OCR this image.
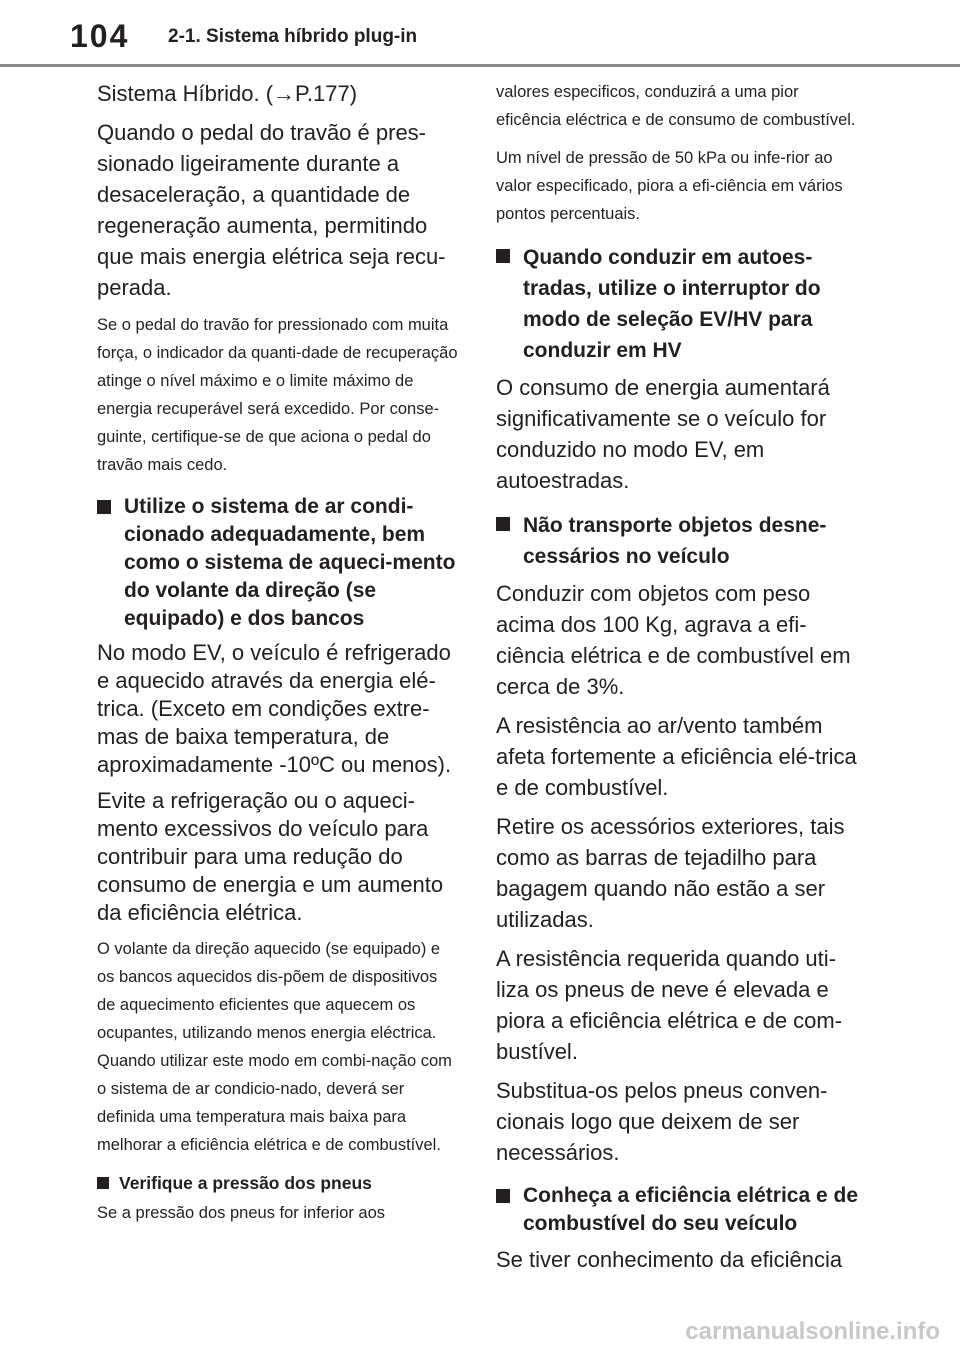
104 2-1. Sistema híbrido plug-in

Sistema Híbrido. (→P.177)

Quando o pedal do travão é pres-sionado ligeiramente durante a desaceleração, a quantidade de regeneração aumenta, permitindo que mais energia elétrica seja recu-perada.

Se o pedal do travão for pressionado com muita força, o indicador da quanti-dade de recuperação atinge o nível máximo e o limite máximo de energia recuperável será excedido. Por conse-guinte, certifique-se de que aciona o pedal do travão mais cedo.

Utilize o sistema de ar condi-cionado adequadamente, bem como o sistema de aqueci-mento do volante da direção (se equipado) e dos bancos

No modo EV, o veículo é refrigerado e aquecido através da energia elé-trica. (Exceto em condições extre-mas de baixa temperatura, de aproximadamente -10ºC ou menos).

Evite a refrigeração ou o aqueci-mento excessivos do veículo para contribuir para uma redução do consumo de energia e um aumento da eficiência elétrica.

O volante da direção aquecido (se equipado) e os bancos aquecidos dis-põem de dispositivos de aquecimento eficientes que aquecem os ocupantes, utilizando menos energia eléctrica. Quando utilizar este modo em combi-nação com o sistema de ar condicio-nado, deverá ser definida uma temperatura mais baixa para melhorar a eficiência elétrica e de combustível.

Verifique a pressão dos pneus

Se a pressão dos pneus for inferior aos

valores especificos, conduzirá a uma pior eficência eléctrica e de consumo de combustível.

Um nível de pressão de 50 kPa ou infe-rior ao valor especificado, piora a efi-ciência em vários pontos percentuais.

Quando conduzir em autoes-tradas, utilize o interruptor do modo de seleção EV/HV para conduzir em HV

O consumo de energia aumentará significativamente se o veículo for conduzido no modo EV, em autoestradas.

Não transporte objetos desne-cessários no veículo

Conduzir com objetos com peso acima dos 100 Kg, agrava a efi-ciência elétrica e de combustível em cerca de 3%.

A resistência ao ar/vento também afeta fortemente a eficiência elé-trica e de combustível.

Retire os acessórios exteriores, tais como as barras de tejadilho para bagagem quando não estão a ser utilizadas.

A resistência requerida quando uti-liza os pneus de neve é elevada e piora a eficiência elétrica e de com-bustível.

Substitua-os pelos pneus conven-cionais logo que deixem de ser necessários.

Conheça a eficiência elétrica e de combustível do seu veículo

Se tiver conhecimento da eficiência

carmanualsonline.info
